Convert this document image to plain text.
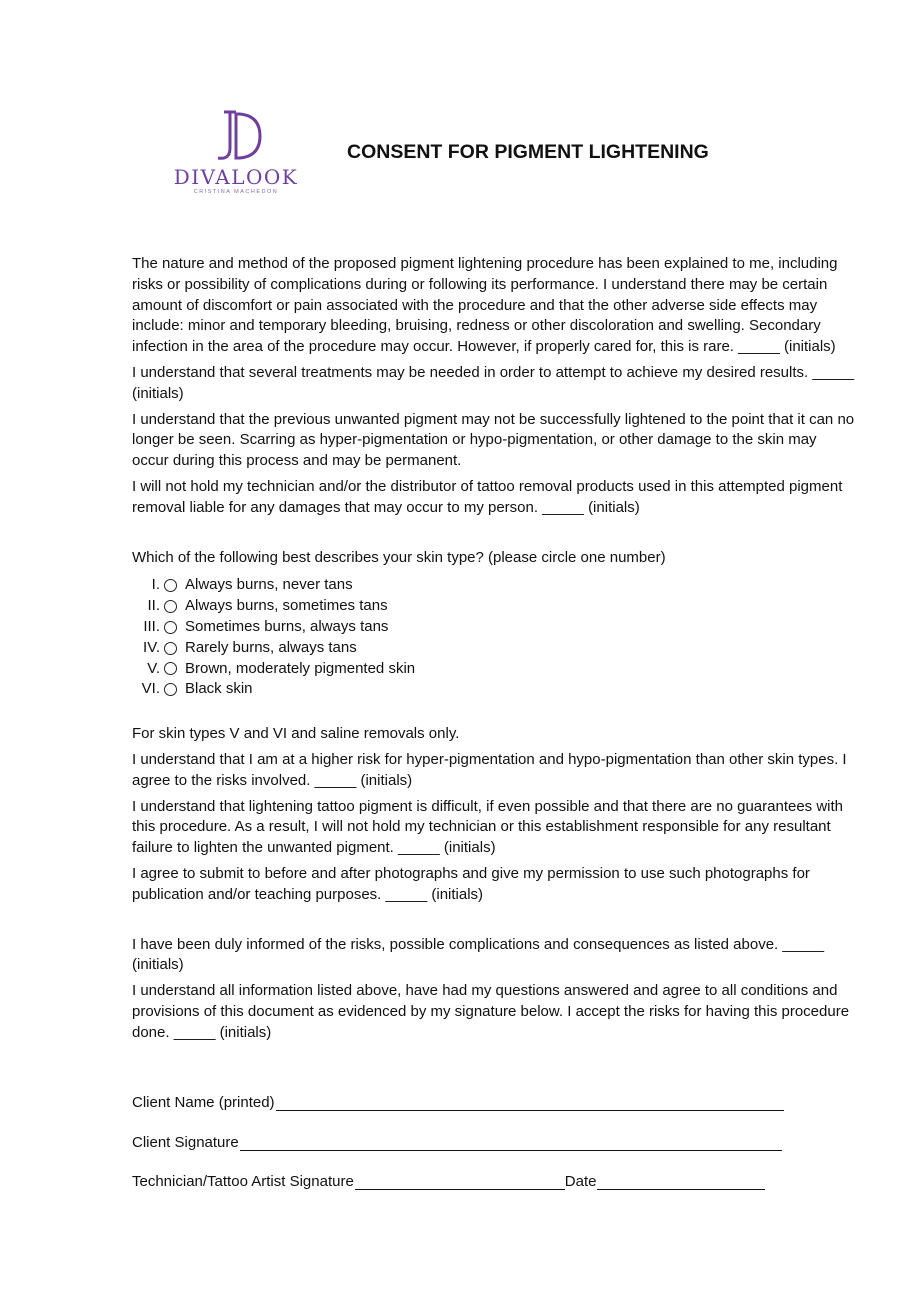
DIVALOOK
CRISTINA MACHEDON
CONSENT FOR PIGMENT LIGHTENING

The nature and method of the proposed pigment lightening procedure has been explained to me, including risks or possibility of complications during or following its performance. I understand there may be certain amount of discomfort or pain associated with the procedure and that the other adverse side effects may include: minor and temporary bleeding, bruising, redness or other discoloration and swelling. Secondary infection in the area of the procedure may occur. However, if properly cared for, this is rare. _____ (initials)

I understand that several treatments may be needed in order to attempt to achieve my desired results. _____ (initials)

I understand that the previous unwanted pigment may not be successfully lightened to the point that it can no longer be seen. Scarring as hyper-pigmentation or hypo-pigmentation, or other damage to the skin may occur during this process and may be permanent.

I will not hold my technician and/or the distributor of tattoo removal products used in this attempted pigment removal liable for any damages that may occur to my person. _____ (initials)

Which of the following best describes your skin type? (please circle one number)
I. Always burns, never tans
II. Always burns, sometimes tans
III. Sometimes burns, always tans
IV. Rarely burns, always tans
V. Brown, moderately pigmented skin
VI. Black skin

For skin types V and VI and saline removals only.

I understand that I am at a higher risk for hyper-pigmentation and hypo-pigmentation than other skin types. I agree to the risks involved. _____ (initials)

I understand that lightening tattoo pigment is difficult, if even possible and that there are no guarantees with this procedure. As a result, I will not hold my technician or this establishment responsible for any resultant failure to lighten the unwanted pigment. _____ (initials)

I agree to submit to before and after photographs and give my permission to use such photographs for publication and/or teaching purposes. _____ (initials)

I have been duly informed of the risks, possible complications and consequences as listed above. _____ (initials)

I understand all information listed above, have had my questions answered and agree to all conditions and provisions of this document as evidenced by my signature below. I accept the risks for having this procedure done. _____ (initials)

Client Name (printed)
Client Signature
Technician/Tattoo Artist Signature	Date
